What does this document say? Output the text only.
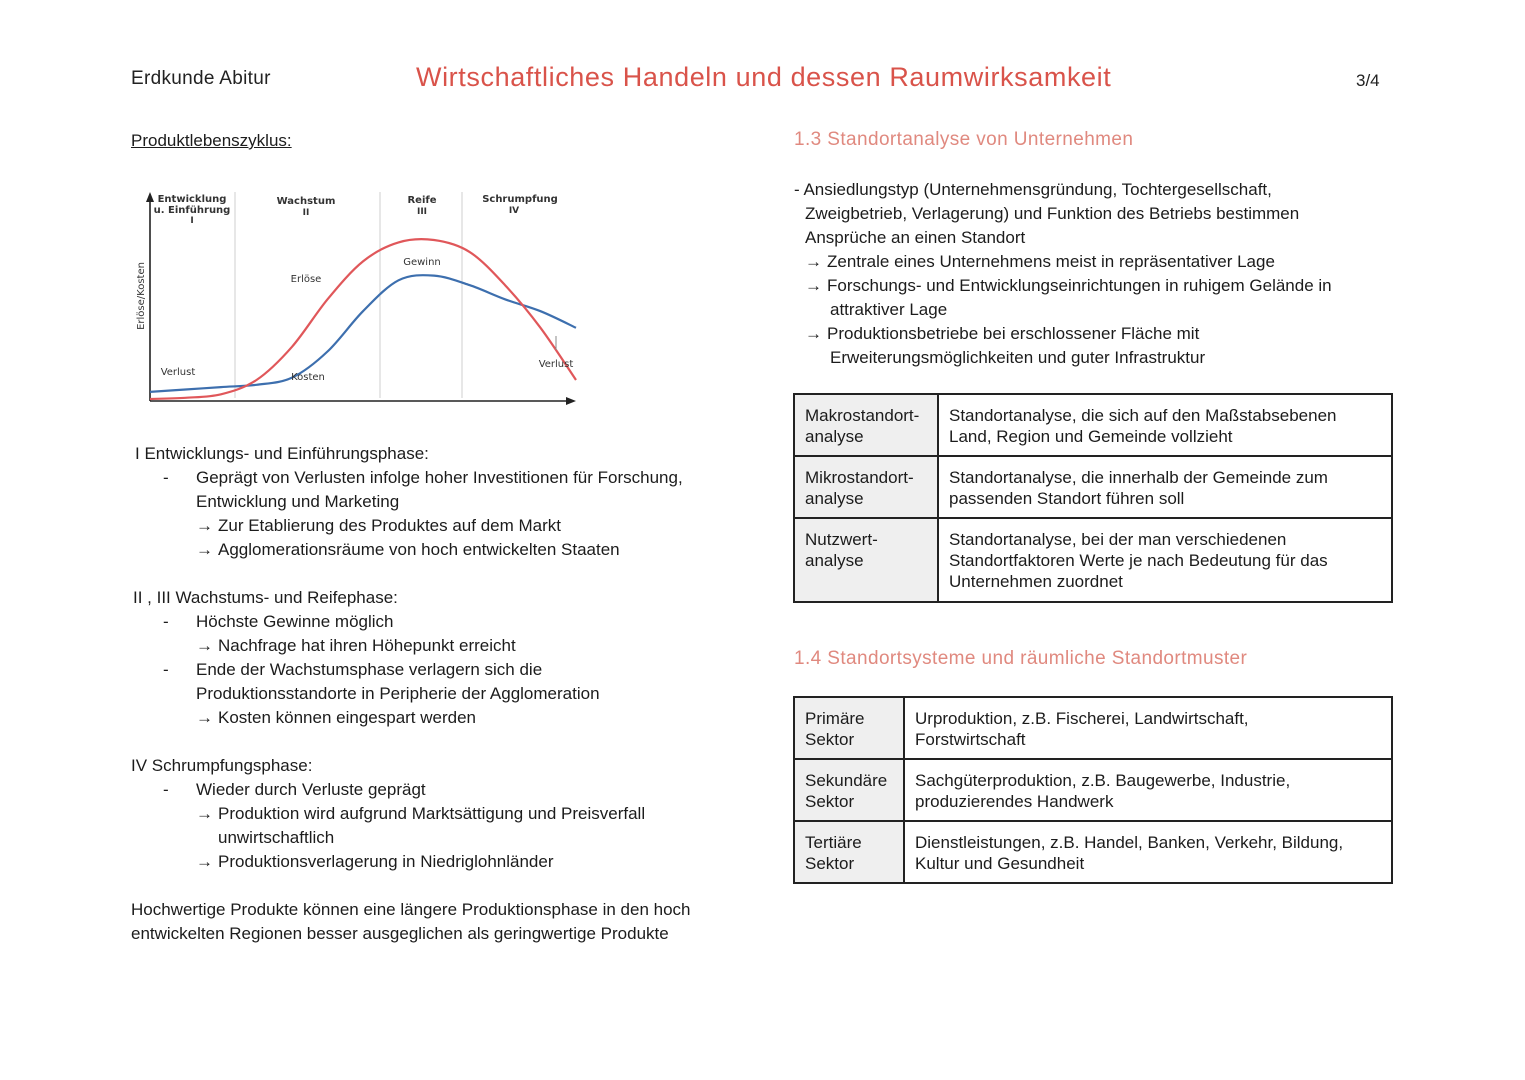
Erdkunde Abitur	Wirtschaftliches Handeln und dessen Raumwirksamkeit	3/4
Produktlebenszyklus:
Erlöse/Kosten
Entwicklung
u. Einführung
I
Wachstum
II
Reife
III
Schrumpfung
IV
Erlöse
Gewinn
Kosten
Verlust
Verlust
I Entwicklungs- und Einführungsphase:
- Geprägt von Verlusten infolge hoher Investitionen für Forschung,
Entwicklung und Marketing
→ Zur Etablierung des Produktes auf dem Markt
→ Agglomerationsräume von hoch entwickelten Staaten
II , III Wachstums- und Reifephase:
- Höchste Gewinne möglich
→ Nachfrage hat ihren Höhepunkt erreicht
- Ende der Wachstumsphase verlagern sich die
Produktionsstandorte in Peripherie der Agglomeration
→ Kosten können eingespart werden
IV Schrumpfungsphase:
- Wieder durch Verluste geprägt
→ Produktion wird aufgrund Marktsättigung und Preisverfall
unwirtschaftlich
→ Produktionsverlagerung in Niedriglohnländer
Hochwertige Produkte können eine längere Produktionsphase in den hoch
entwickelten Regionen besser ausgeglichen als geringwertige Produkte
1.3 Standortanalyse von Unternehmen
- Ansiedlungstyp (Unternehmensgründung, Tochtergesellschaft,
Zweigbetrieb, Verlagerung) und Funktion des Betriebs bestimmen
Ansprüche an einen Standort
→ Zentrale eines Unternehmens meist in repräsentativer Lage
→ Forschungs- und Entwicklungseinrichtungen in ruhigem Gelände in
attraktiver Lage
→ Produktionsbetriebe bei erschlossener Fläche mit
Erweiterungsmöglichkeiten und guter Infrastruktur
Makrostandort-
analyse	Standortanalyse, die sich auf den Maßstabsebenen
Land, Region und Gemeinde vollzieht
Mikrostandort-
analyse	Standortanalyse, die innerhalb der Gemeinde zum
passenden Standort führen soll
Nutzwert-
analyse	Standortanalyse, bei der man verschiedenen
Standortfaktoren Werte je nach Bedeutung für das
Unternehmen zuordnet
1.4 Standortsysteme und räumliche Standortmuster
Primäre
Sektor	Urproduktion, z.B. Fischerei, Landwirtschaft,
Forstwirtschaft
Sekundäre
Sektor	Sachgüterproduktion, z.B. Baugewerbe, Industrie,
produzierendes Handwerk
Tertiäre
Sektor	Dienstleistungen, z.B. Handel, Banken, Verkehr, Bildung,
Kultur und Gesundheit
